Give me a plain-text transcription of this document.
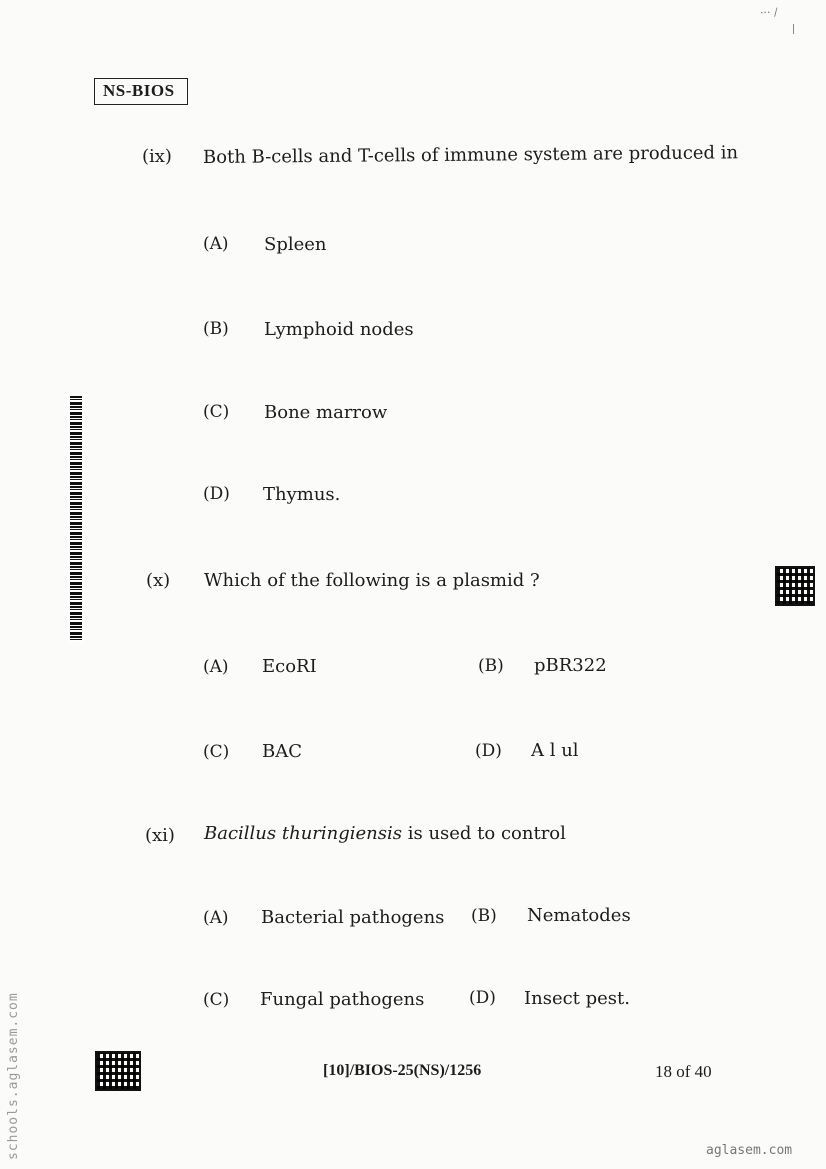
··· /
NS-BIOS
(ix) Both B-cells and T-cells of immune system are produced in
(A) Spleen
(B) Lymphoid nodes
(C) Bone marrow
(D) Thymus.
(x) Which of the following is a plasmid ?
(A) EcoRI	(B) pBR322
(C) BAC	(D) A l ul
(xi) Bacillus thuringiensis is used to control
(A) Bacterial pathogens (B) Nematodes
(C) Fungal pathogens	(D) Insect pest.
[10]/BIOS-25(NS)/1256	18 of 40
aglasem.com
schools.aglasem.com
